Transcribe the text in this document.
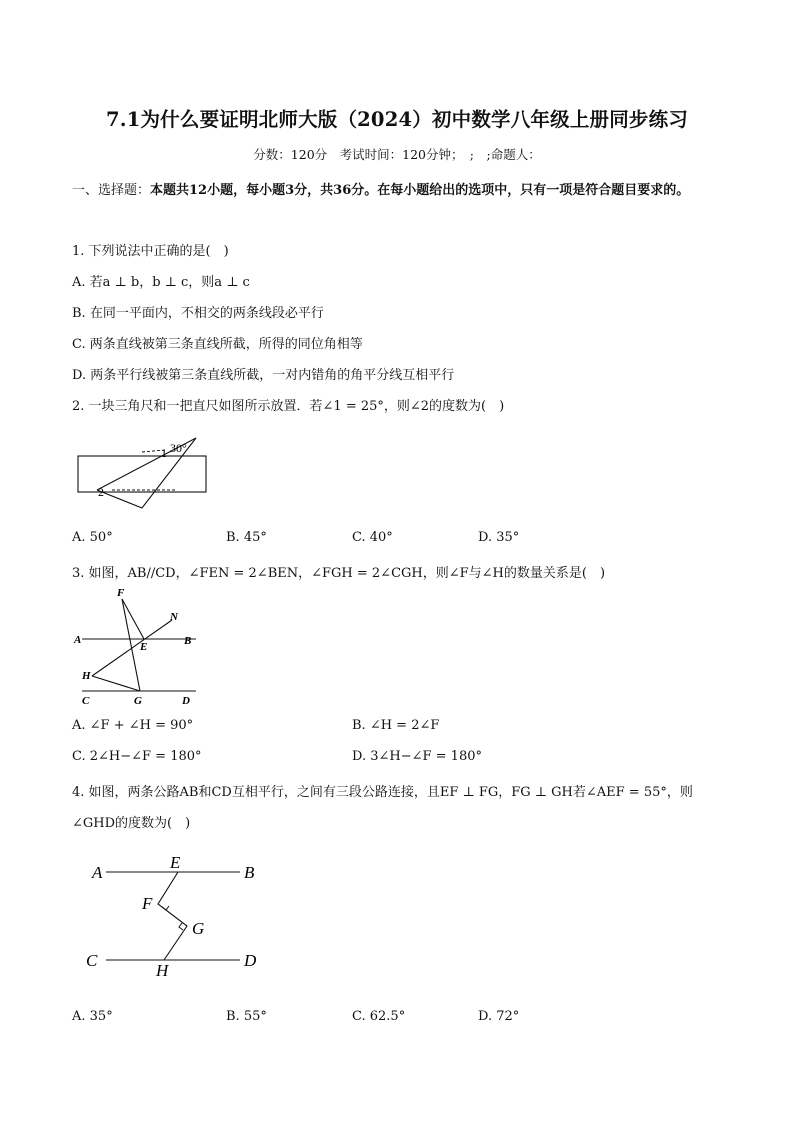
7.1为什么要证明北师大版（2024）初中数学八年级上册同步练习
分数：120分　考试时间：120分钟；　;　;命题人：
一、选择题：本题共12小题，每小题3分，共36分。在每小题给出的选项中，只有一项是符合题目要求的。
1. 下列说法中正确的是(　)
A. 若a ⊥ b，b ⊥ c，则a ⊥ c
B. 在同一平面内，不相交的两条线段必平行
C. 两条直线被第三条直线所截，所得的同位角相等
D. 两条平行线被第三条直线所截，一对内错角的角平分线互相平行
2. 一块三角尺和一把直尺如图所示放置．若∠1 = 25°，则∠2的度数为(　)
1 30°
2
A. 50°	B. 45°	C. 40°	D. 35°
3. 如图，AB//CD，∠FEN = 2∠BEN，∠FGH = 2∠CGH，则∠F与∠H的数量关系是(　)
F
N
A
E	B
H
C	G	D
A. ∠F + ∠H = 90°	B. ∠H = 2∠F
C. 2∠H−∠F = 180°	D. 3∠H−∠F = 180°
4. 如图，两条公路AB和CD互相平行，之间有三段公路连接，且EF ⊥ FG，FG ⊥ GH若∠AEF = 55°，则
∠GHD的度数为(　)
A
E
B
F
G
C
H
D
A. 35°	B. 55°	C. 62.5°	D. 72°
